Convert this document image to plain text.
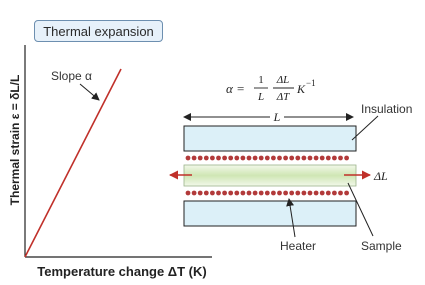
Thermal expansion
Thermal strain ε = δL/L
Temperature change ΔT (K)
Slope α
α =
1
L
ΔL
ΔT
K −1
L
ΔL
Insulation
Heater	Sample
